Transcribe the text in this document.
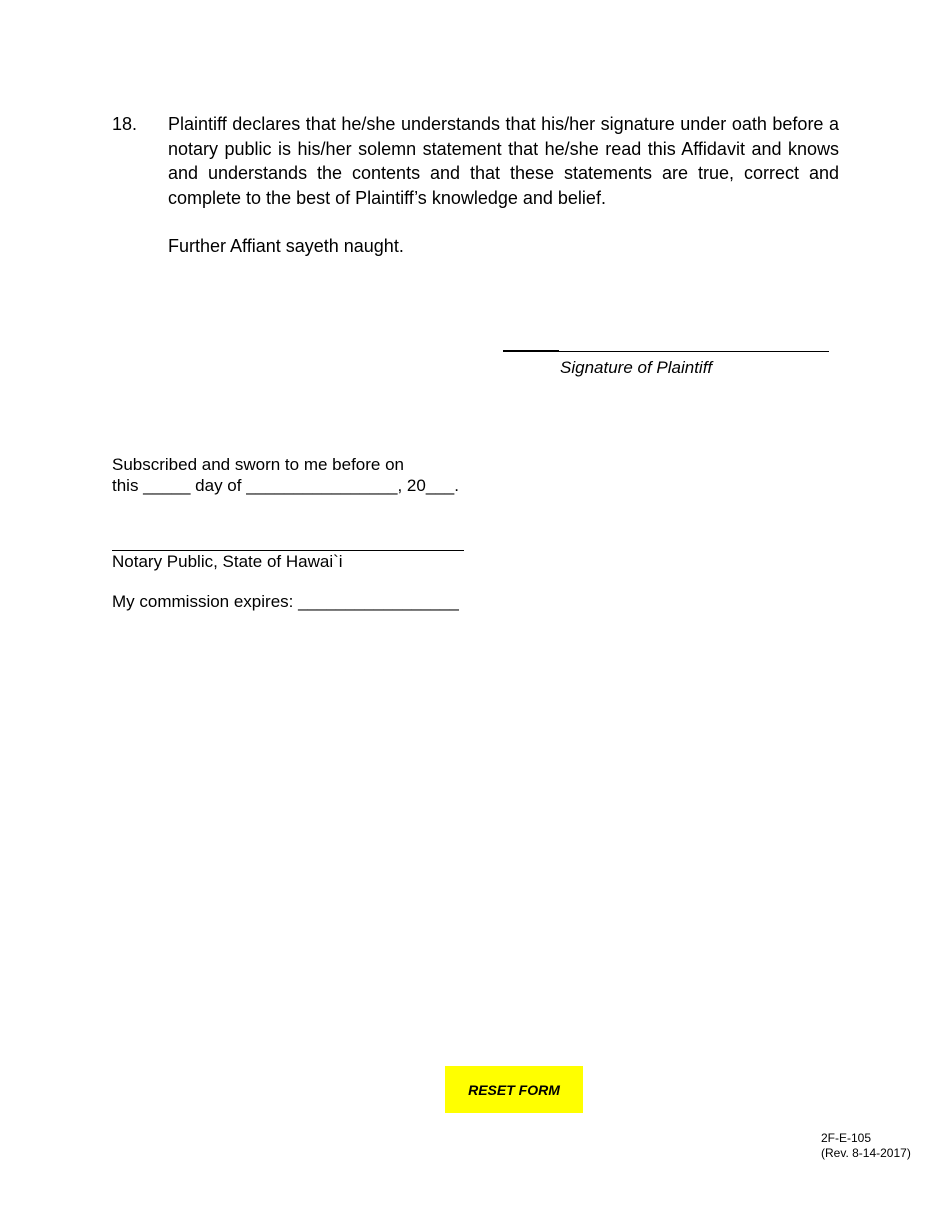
18. Plaintiff declares that he/she understands that his/her signature under oath before a notary public is his/her solemn statement that he/she read this Affidavit and knows and understands the contents and that these statements are true, correct and complete to the best of Plaintiff’s knowledge and belief.
Further Affiant sayeth naught.
Signature of Plaintiff
Subscribed and sworn to me before on
this _____ day of ________________, 20___.
Notary Public, State of Hawai`i
My commission expires: _________________
RESET FORM
2F-E-105
(Rev. 8-14-2017)
